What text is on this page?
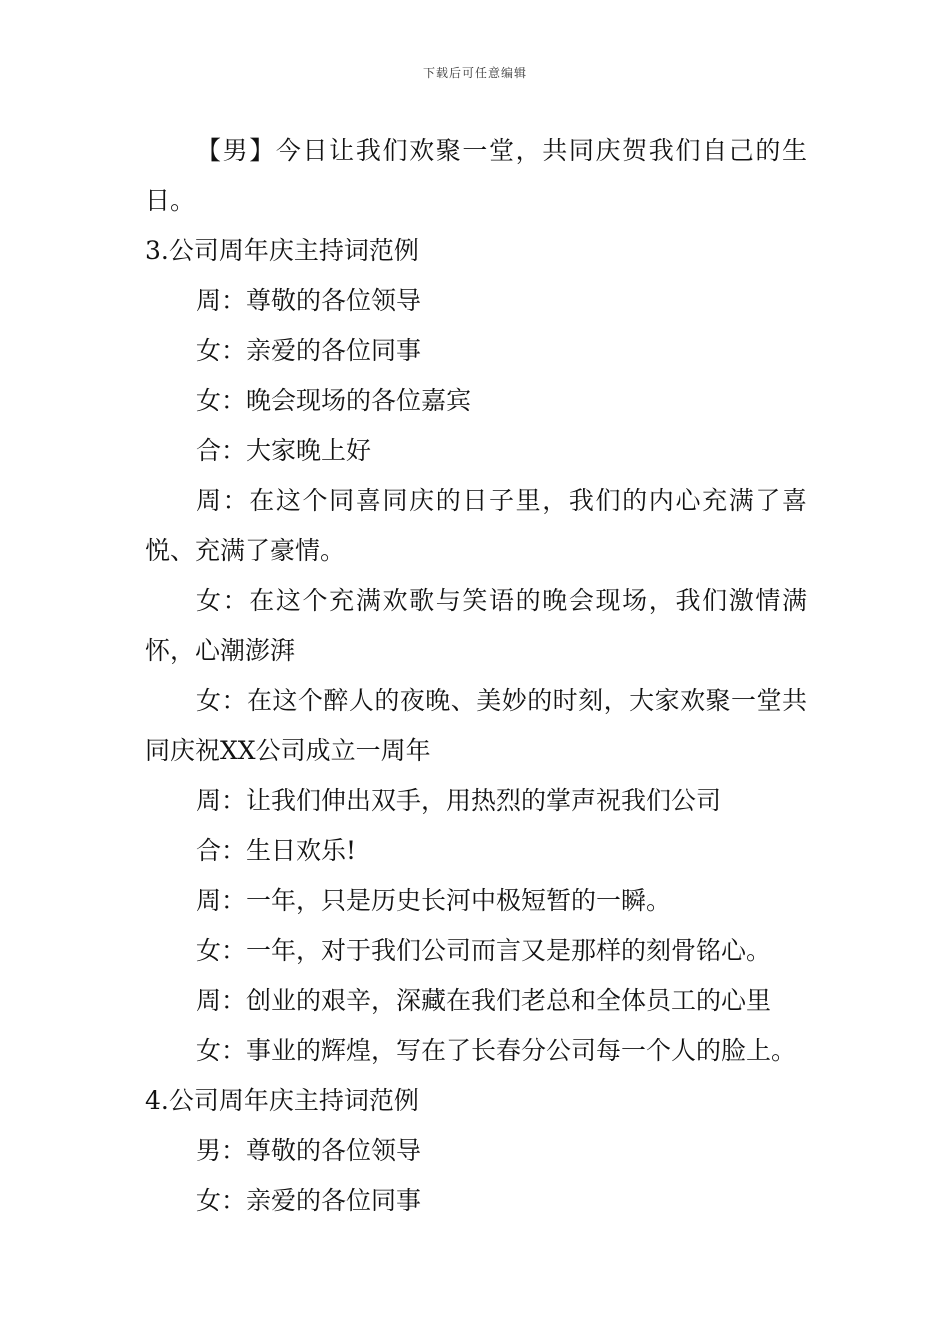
下载后可任意编辑

【男】今日让我们欢聚一堂，共同庆贺我们自己的生日。

3.公司周年庆主持词范例

周：尊敬的各位领导

女：亲爱的各位同事

女：晚会现场的各位嘉宾

合：大家晚上好

周：在这个同喜同庆的日子里，我们的内心充满了喜悦、充满了豪情。

女：在这个充满欢歌与笑语的晚会现场，我们激情满怀，心潮澎湃

女：在这个醉人的夜晚、美妙的时刻，大家欢聚一堂共同庆祝XX公司成立一周年

周：让我们伸出双手，用热烈的掌声祝我们公司

合：生日欢乐!

周：一年，只是历史长河中极短暂的一瞬。

女：一年，对于我们公司而言又是那样的刻骨铭心。

周：创业的艰辛，深藏在我们老总和全体员工的心里

女：事业的辉煌，写在了长春分公司每一个人的脸上。

4.公司周年庆主持词范例

男：尊敬的各位领导

女：亲爱的各位同事
